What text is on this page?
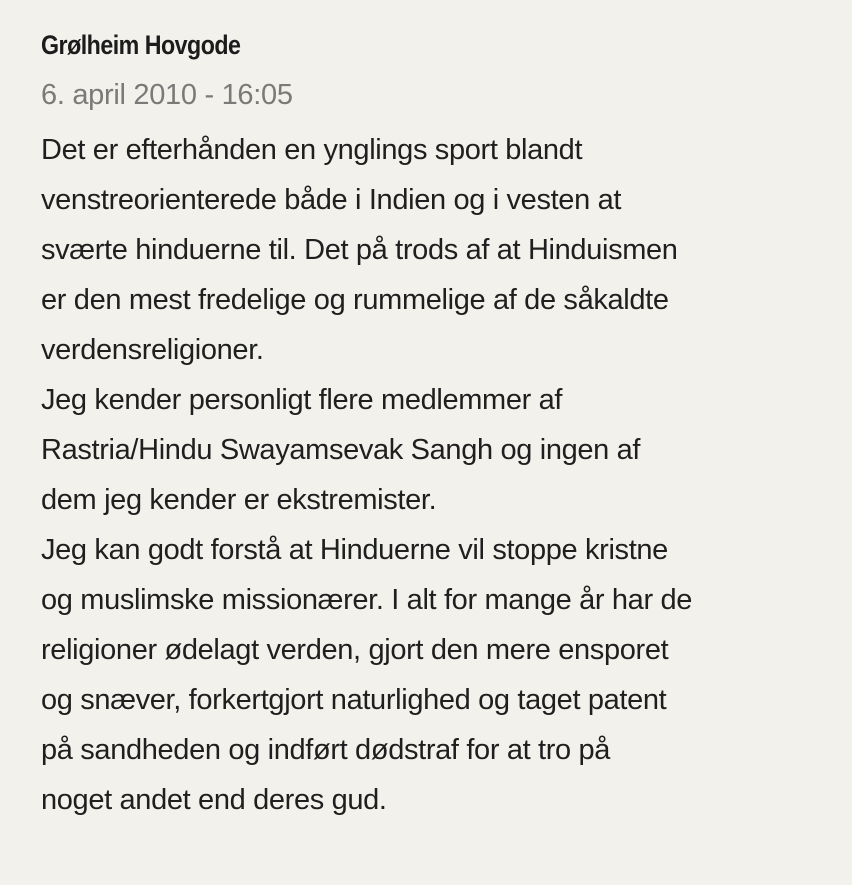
Grølheim Hovgode
6. april 2010 - 16:05
Det er efterhånden en ynglings sport blandt
venstreorienterede både i Indien og i vesten at
sværte hinduerne til. Det på trods af at Hinduismen
er den mest fredelige og rummelige af de såkaldte
verdensreligioner.
Jeg kender personligt flere medlemmer af
Rastria/Hindu Swayamsevak Sangh og ingen af
dem jeg kender er ekstremister.
Jeg kan godt forstå at Hinduerne vil stoppe kristne
og muslimske missionærer. I alt for mange år har de
religioner ødelagt verden, gjort den mere ensporet
og snæver, forkertgjort naturlighed og taget patent
på sandheden og indført dødstraf for at tro på
noget andet end deres gud.
